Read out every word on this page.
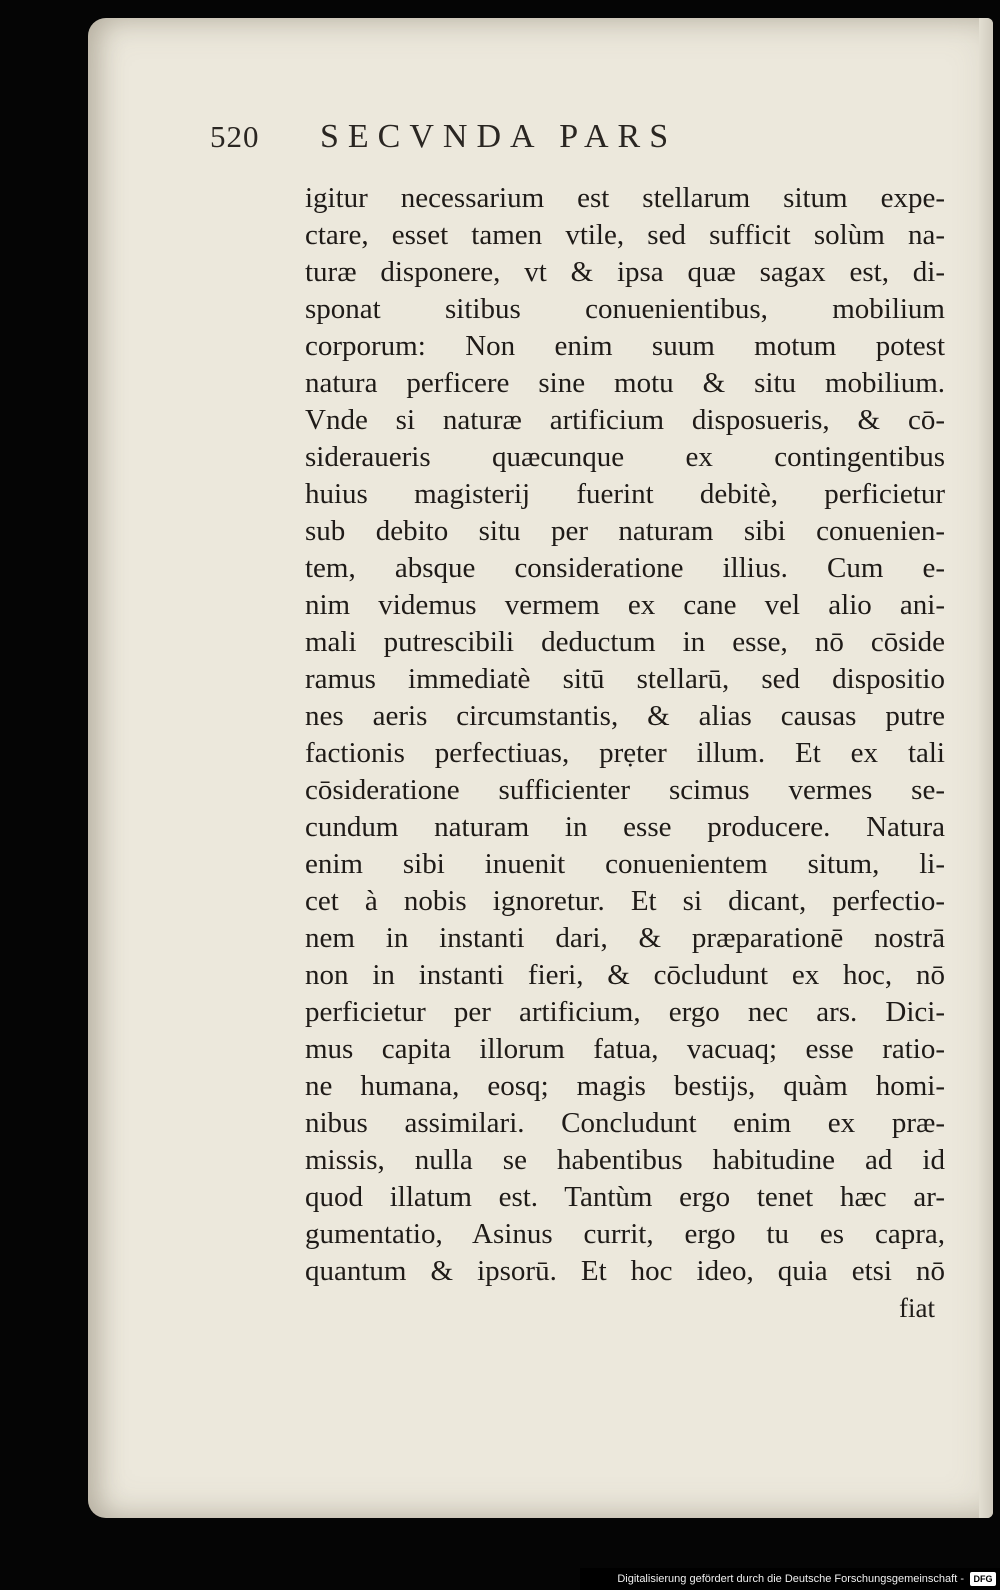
520	SECVNDA PARS
igitur necessarium est stellarum situm expe-
ctare, esset tamen vtile, sed sufficit solùm na-
turæ disponere, vt & ipsa quæ sagax est, di-
sponat sitibus conuenientibus, mobilium
corporum: Non enim suum motum potest
natura perficere sine motu & situ mobilium.
Vnde si naturæ artificium disposueris, & cō-
sideraueris quæcunque ex contingentibus
huius magisterij fuerint debitè, perficietur
sub debito situ per naturam sibi conuenien-
tem, absque consideratione illius. Cum e-
nim videmus vermem ex cane vel alio ani-
mali putrescibili deductum in esse, nō cōside
ramus immediatè sitū stellarū, sed dispositio
nes aeris circumstantis, & alias causas putre
factionis perfectiuas, prẹter illum. Et ex tali
cōsideratione sufficienter scimus vermes se-
cundum naturam in esse producere. Natura
enim sibi inuenit conuenientem situm, li-
cet à nobis ignoretur. Et si dicant, perfectio-
nem in instanti dari, & præparationē nostrā
non in instanti fieri, & cōcludunt ex hoc, nō
perficietur per artificium, ergo nec ars. Dici-
mus capita illorum fatua, vacuaq; esse ratio-
ne humana, eosq; magis bestijs, quàm homi-
nibus assimilari. Concludunt enim ex præ-
missis, nulla se habentibus habitudine ad id
quod illatum est. Tantùm ergo tenet hæc ar-
gumentatio, Asinus currit, ergo tu es capra,
quantum & ipsorū. Et hoc ideo, quia etsi nō
fiat
Digitalisierung gefördert durch die Deutsche Forschungsgemeinschaft -	DFG
